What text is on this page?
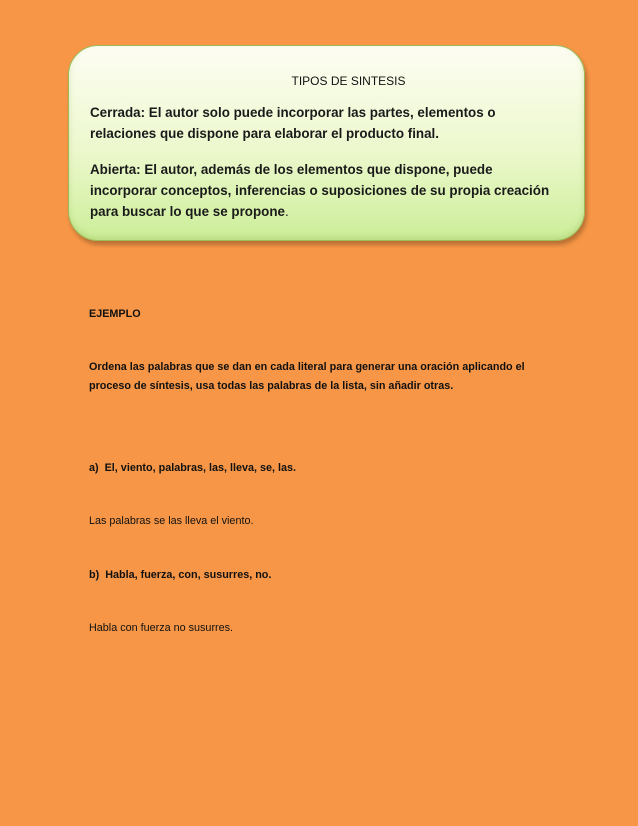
TIPOS DE SINTESIS

Cerrada: El autor solo puede incorporar las partes, elementos o relaciones que dispone para elaborar el producto final.

Abierta: El autor, además de los elementos que dispone, puede incorporar conceptos, inferencias o suposiciones de su propia creación para buscar lo que se propone.

EJEMPLO

Ordena las palabras que se dan en cada literal para generar una oración aplicando el proceso de síntesis, usa todas las palabras de la lista, sin añadir otras.

a) El, viento, palabras, las, lleva, se, las.

Las palabras se las lleva el viento.

b) Habla, fuerza, con, susurres, no.

Habla con fuerza no susurres.
